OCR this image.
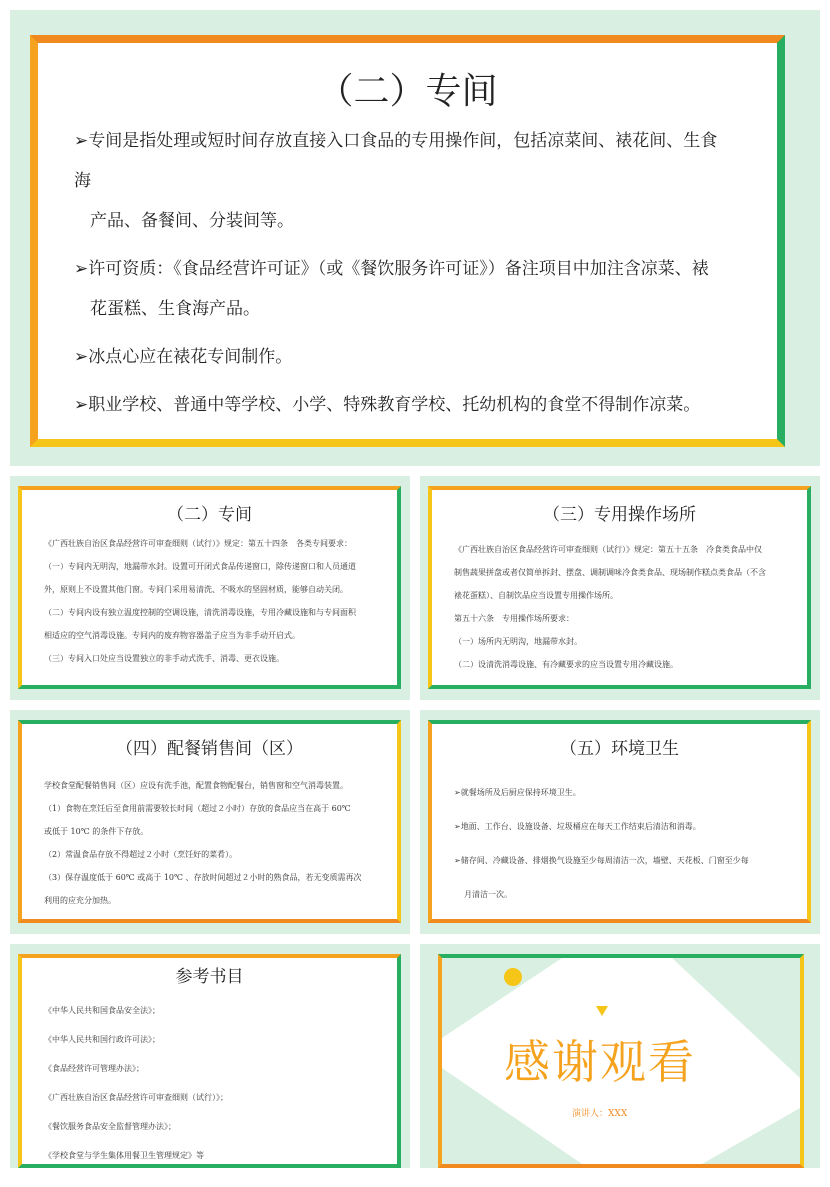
（二）专间

➢专间是指处理或短时间存放直接入口食品的专用操作间，包括凉菜间、裱花间、生食海
产品、备餐间、分装间等。

➢许可资质：《食品经营许可证》（或《餐饮服务许可证》）备注项目中加注含凉菜、裱
花蛋糕、生食海产品。

➢冰点心应在裱花专间制作。

➢职业学校、普通中等学校、小学、特殊教育学校、托幼机构的食堂不得制作凉菜。

（二）专间

《广西壮族自治区食品经营许可审查细则（试行）》规定：第五十四条　各类专间要求：

（一）专间内无明沟，地漏带水封。设置可开闭式食品传递窗口，除传递窗口和人员通道

外，原则上不设置其他门窗。专间门采用易清洗、不吸水的坚固材质，能够自动关闭。

（二）专间内设有独立温度控制的空调设施，清洗消毒设施，专用冷藏设施和与专间面积

相适应的空气消毒设施。专间内的废弃物容器盖子应当为非手动开启式。

（三）专间入口处应当设置独立的非手动式洗手、消毒、更衣设施。

（三）专用操作场所

《广西壮族自治区食品经营许可审查细则（试行）》规定：第五十五条　冷食类食品中仅

制售蔬果拼盘或者仅简单拆封、摆盘、调制调味冷食类食品、现场制作糕点类食品（不含

裱花蛋糕）、自制饮品应当设置专用操作场所。

第五十六条　专用操作场所要求：

（一）场所内无明沟，地漏带水封。

（二）设清洗消毒设施、有冷藏要求的应当设置专用冷藏设施。

（四）配餐销售间（区）

学校食堂配餐销售间（区）应设有洗手池，配置食物配餐台，销售窗和空气消毒装置。

（1）食物在烹饪后至食用前需要较长时间（超过２小时）存放的食品应当在高于 60℃

或低于 10℃ 的条件下存放。

（2）常温食品存放不得超过２小时（烹饪好的菜肴）。

（3）保存温度低于 60℃ 或高于 10℃ 、存放时间超过２小时的熟食品，若无变质需再次

利用的应充分加热。

（五）环境卫生

➢就餐场所及后厨应保持环境卫生。

➢地面、工作台、设施设备、垃圾桶应在每天工作结束后清洁和消毒。

➢储存间、冷藏设备、排烟换气设施至少每周清洁一次，墙壁、天花板、门窗至少每

月清洁一次。

参考书目

《中华人民共和国食品安全法》；

《中华人民共和国行政许可法》；

《食品经营许可管理办法》；

《广西壮族自治区食品经营许可审查细则（试行）》；

《餐饮服务食品安全监督管理办法》；

《学校食堂与学生集体用餐卫生管理规定》等

感谢观看
演讲人：XXX
